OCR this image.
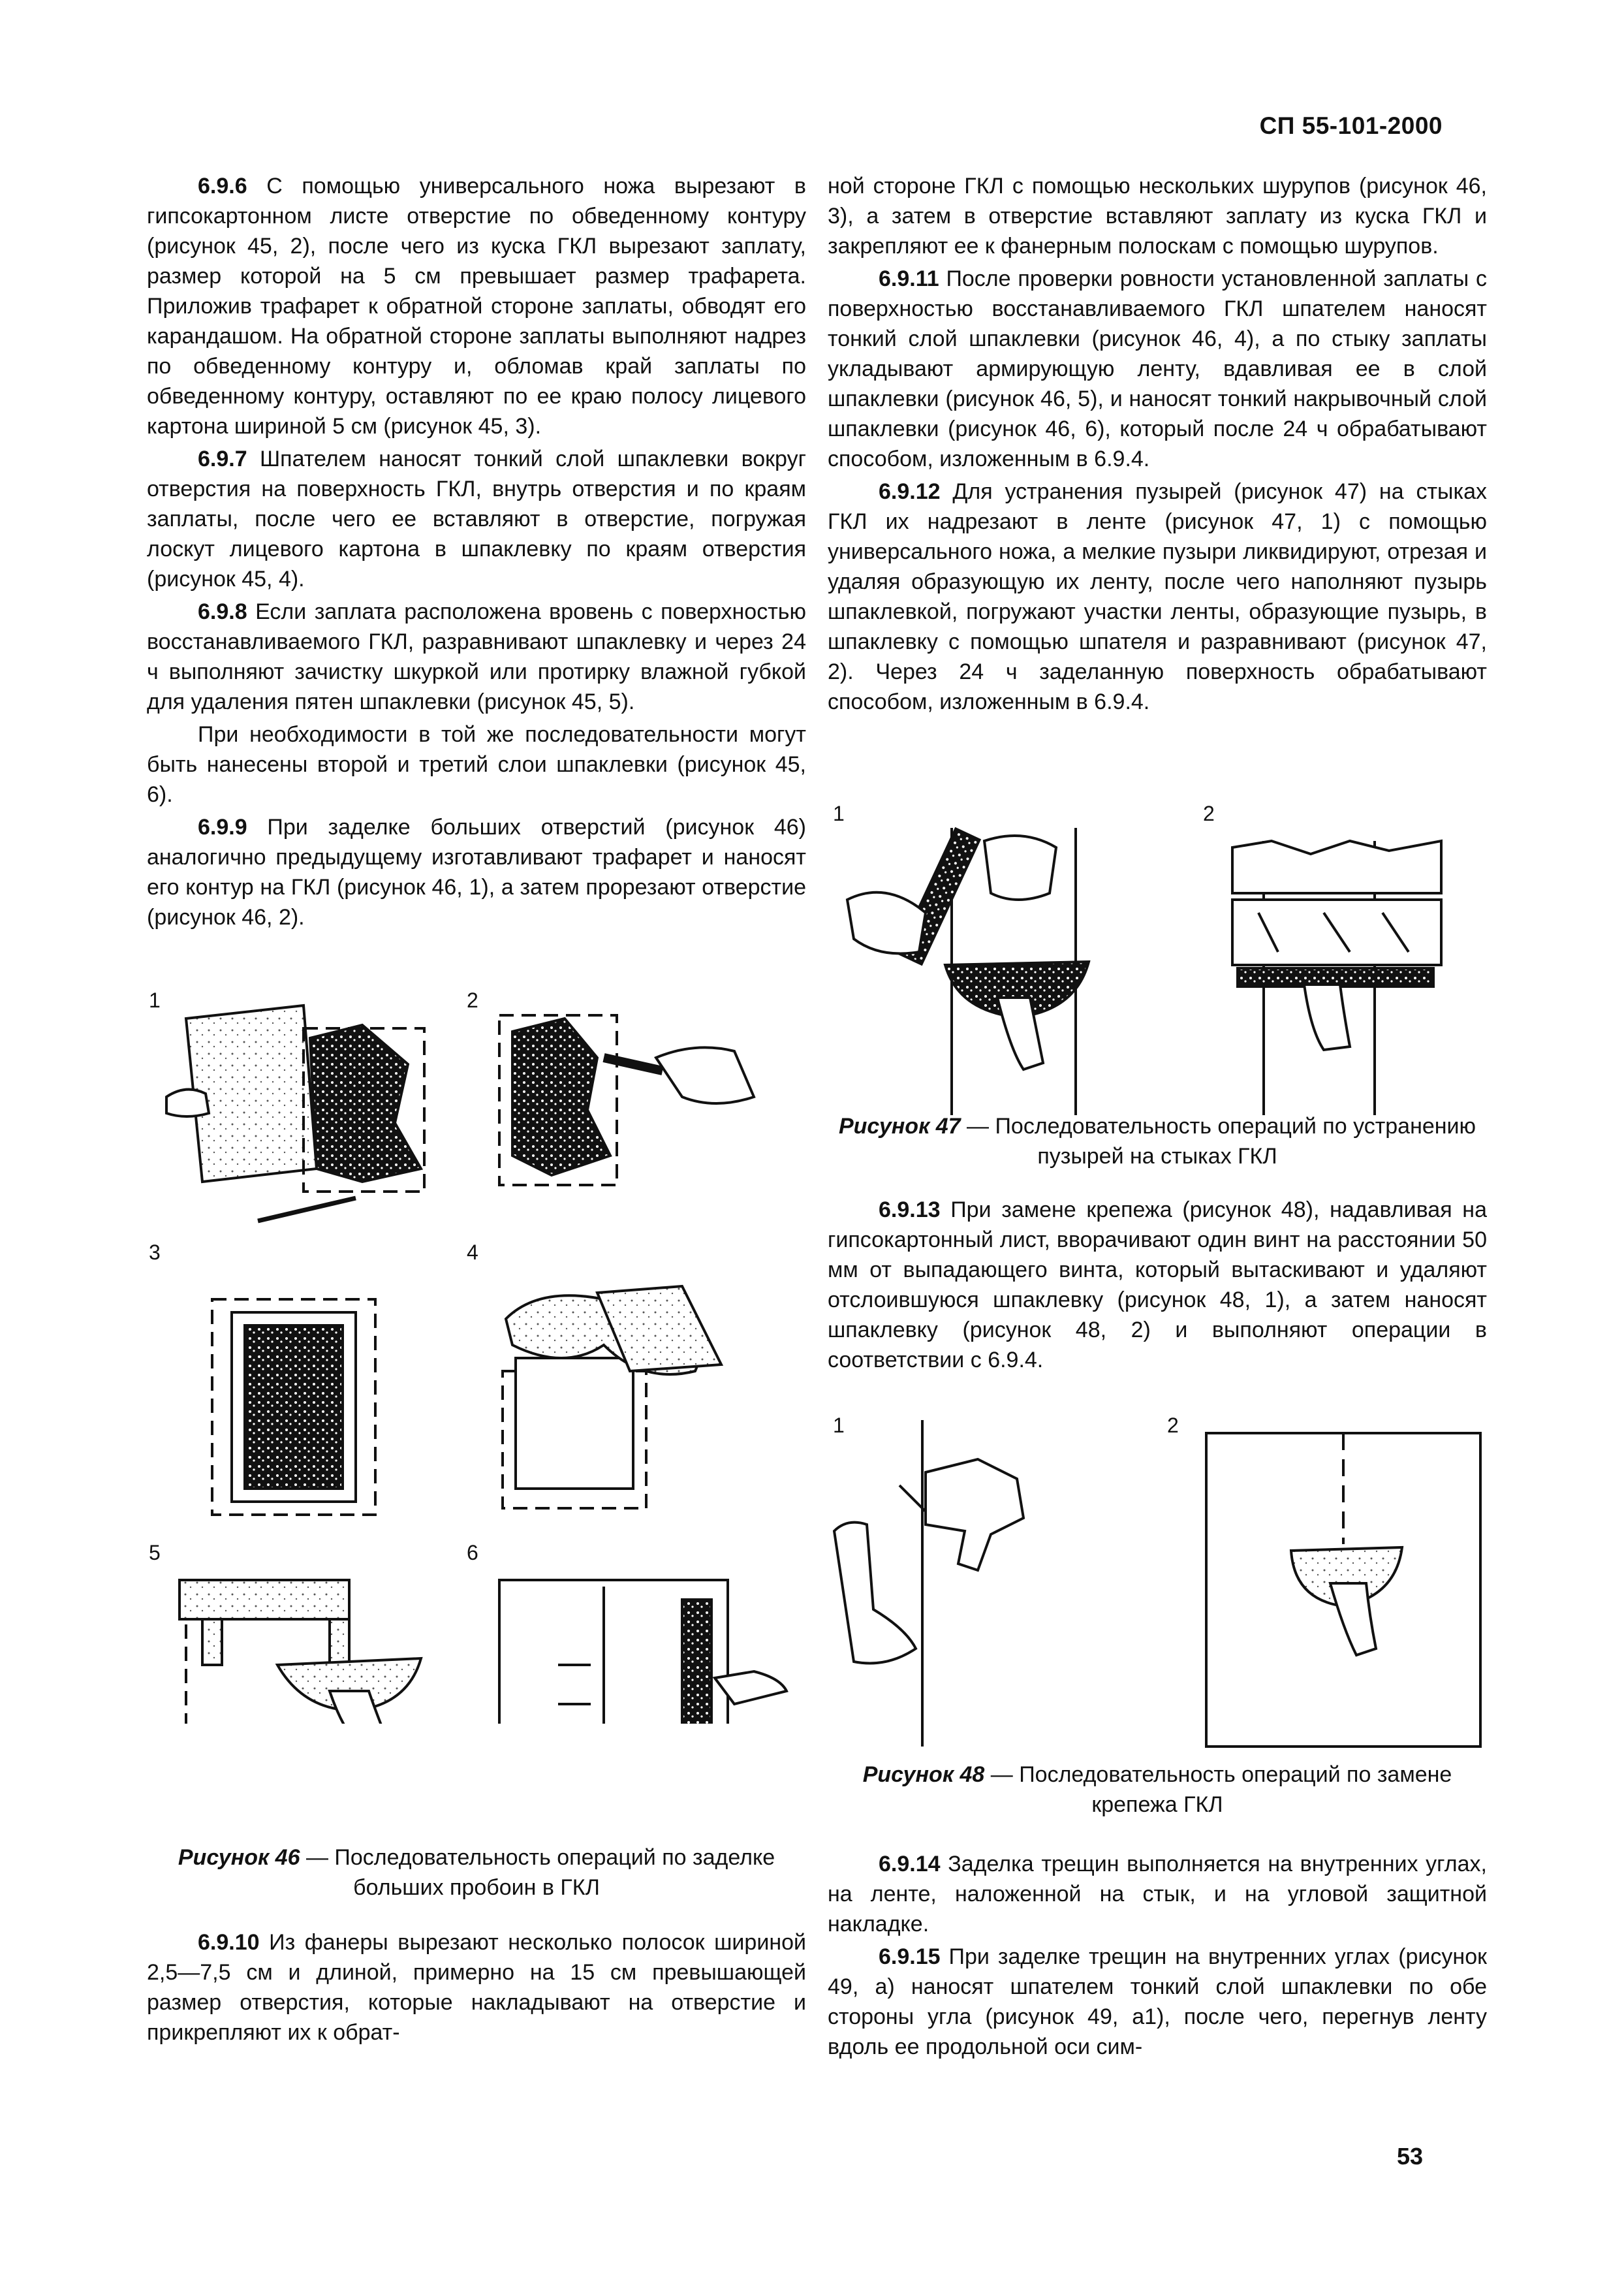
СП 55-101-2000

6.9.6 С помощью универсального ножа вырезают в гипсокартонном листе отверстие по обведенному контуру (рисунок 45, 2), после чего из куска ГКЛ вырезают заплату, размер которой на 5 см превышает размер трафарета. Приложив трафарет к обратной стороне заплаты, обводят его карандашом. На обратной стороне заплаты выполняют надрез по обведенному контуру и, обломав край заплаты по обведенному контуру, оставляют по ее краю полосу лицевого картона шириной 5 см (рисунок 45, 3).

6.9.7 Шпателем наносят тонкий слой шпаклевки вокруг отверстия на поверхность ГКЛ, внутрь отверстия и по краям заплаты, после чего ее вставляют в отверстие, погружая лоскут лицевого картона в шпаклевку по краям отверстия (рисунок 45, 4).

6.9.8 Если заплата расположена вровень с поверхностью восстанавливаемого ГКЛ, разравнивают шпаклевку и через 24 ч выполняют зачистку шкуркой или протирку влажной губкой для удаления пятен шпаклевки (рисунок 45, 5).

При необходимости в той же последовательности могут быть нанесены второй и третий слои шпаклевки (рисунок 45, 6).

6.9.9 При заделке больших отверстий (рисунок 46) аналогично предыдущему изготавливают трафарет и наносят его контур на ГКЛ (рисунок 46, 1), а затем прорезают отверстие (рисунок 46, 2).

1	2
3	4
5	6
Рисунок 46 — Последовательность операций по заделке больших пробоин в ГКЛ

6.9.10 Из фанеры вырезают несколько полосок шириной 2,5—7,5 см и длиной, примерно на 15 см превышающей размер отверстия, которые накладывают на отверстие и прикрепляют их к обрат-

ной стороне ГКЛ с помощью нескольких шурупов (рисунок 46, 3), а затем в отверстие вставляют заплату из куска ГКЛ и закрепляют ее к фанерным полоскам с помощью шурупов.

6.9.11 После проверки ровности установленной заплаты с поверхностью восстанавливаемого ГКЛ шпателем наносят тонкий слой шпаклевки (рисунок 46, 4), а по стыку заплаты укладывают армирующую ленту, вдавливая ее в слой шпаклевки (рисунок 46, 5), и наносят тонкий накрывочный слой шпаклевки (рисунок 46, 6), который после 24 ч обрабатывают способом, изложенным в 6.9.4.

6.9.12 Для устранения пузырей (рисунок 47) на стыках ГКЛ их надрезают в ленте (рисунок 47, 1) с помощью универсального ножа, а мелкие пузыри ликвидируют, отрезая и удаляя образующую их ленту, после чего наполняют пузырь шпаклевкой, погружают участки ленты, образующие пузырь, в шпаклевку с помощью шпателя и разравнивают (рисунок 47, 2). Через 24 ч заделанную поверхность обрабатывают способом, изложенным в 6.9.4.

1	2
Рисунок 47 — Последовательность операций по устранению пузырей на стыках ГКЛ

6.9.13 При замене крепежа (рисунок 48), надавливая на гипсокартонный лист, вворачивают один винт на расстоянии 50 мм от выпадающего винта, который вытаскивают и удаляют отслоившуюся шпаклевку (рисунок 48, 1), а затем наносят шпаклевку (рисунок 48, 2) и выполняют операции в соответствии с 6.9.4.

1	2
Рисунок 48 — Последовательность операций по замене крепежа ГКЛ

6.9.14 Заделка трещин выполняется на внутренних углах, на ленте, наложенной на стык, и на угловой защитной накладке.

6.9.15 При заделке трещин на внутренних углах (рисунок 49, а) наносят шпателем тонкий слой шпаклевки по обе стороны угла (рисунок 49, а1), после чего, перегнув ленту вдоль ее продольной оси сим-

53
